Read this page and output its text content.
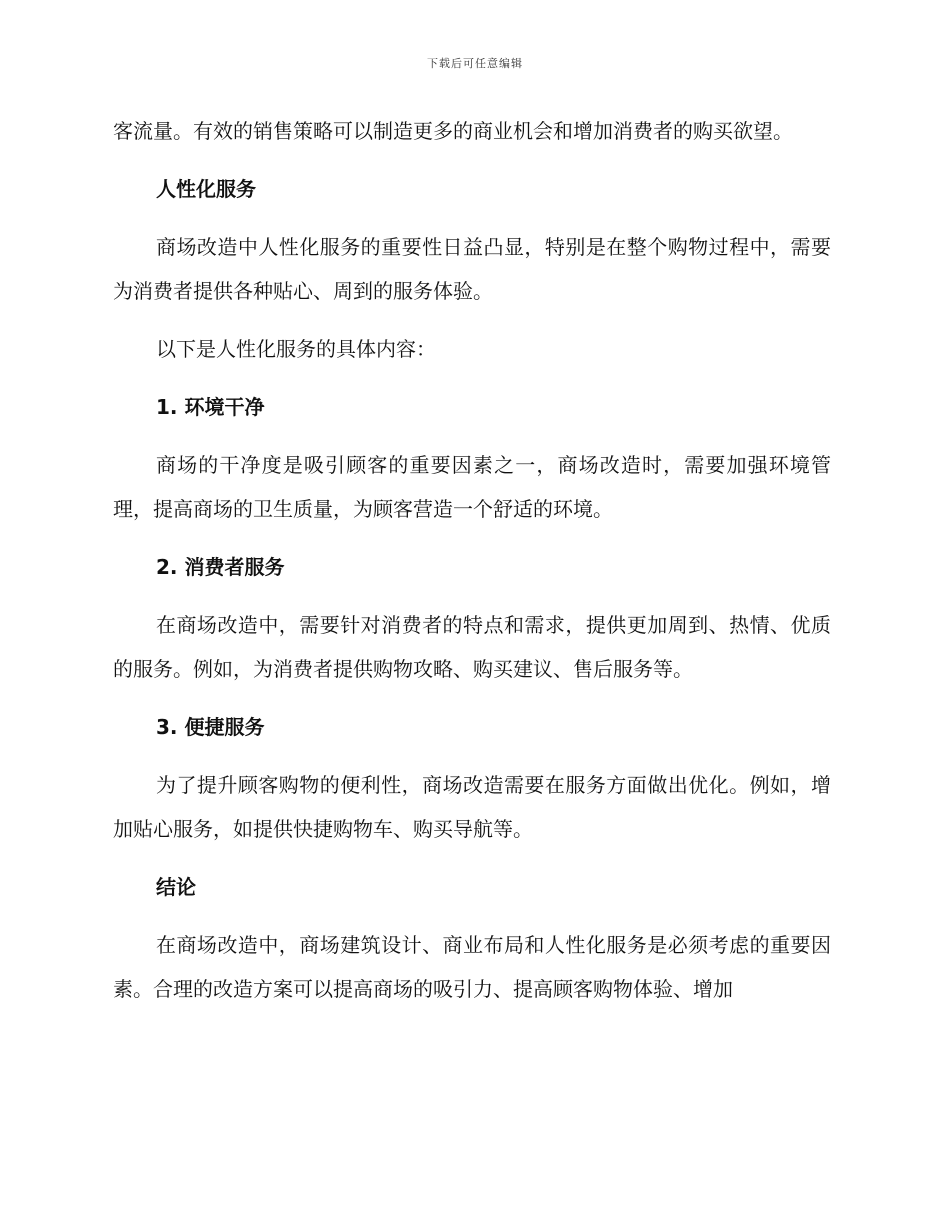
下载后可任意编辑

客流量。有效的销售策略可以制造更多的商业机会和增加消费者的购买欲望。

人性化服务

商场改造中人性化服务的重要性日益凸显，特别是在整个购物过程中，需要为消费者提供各种贴心、周到的服务体验。

以下是人性化服务的具体内容：

1. 环境干净

商场的干净度是吸引顾客的重要因素之一，商场改造时，需要加强环境管理，提高商场的卫生质量，为顾客营造一个舒适的环境。

2. 消费者服务

在商场改造中，需要针对消费者的特点和需求，提供更加周到、热情、优质的服务。例如，为消费者提供购物攻略、购买建议、售后服务等。

3. 便捷服务

为了提升顾客购物的便利性，商场改造需要在服务方面做出优化。例如，增加贴心服务，如提供快捷购物车、购买导航等。

结论

在商场改造中，商场建筑设计、商业布局和人性化服务是必须考虑的重要因素。合理的改造方案可以提高商场的吸引力、提高顾客购物体验、增加
